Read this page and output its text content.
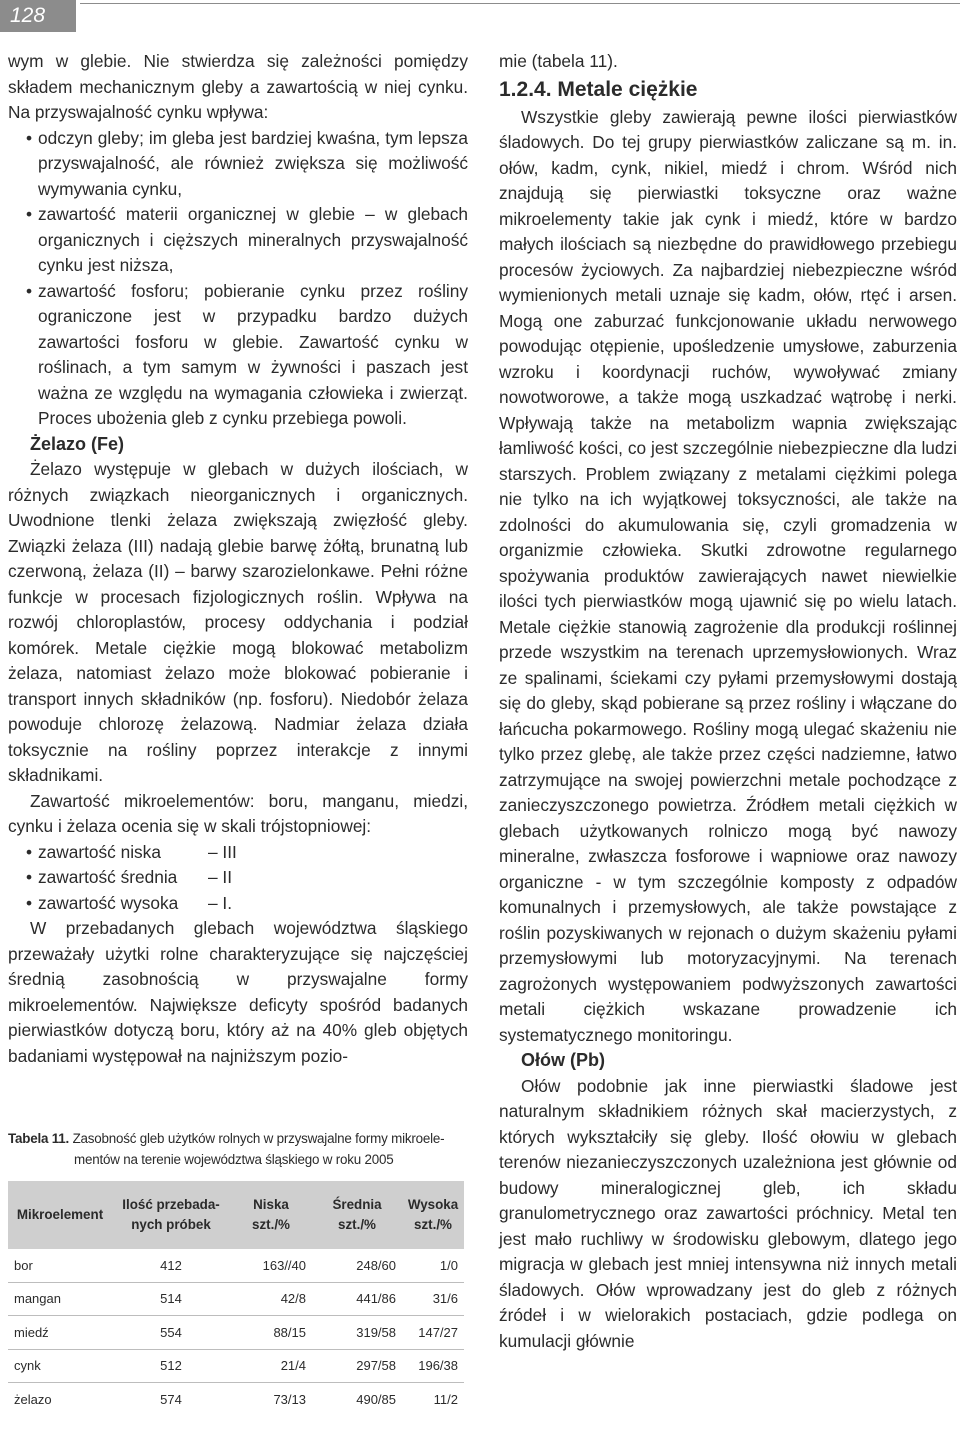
128

wym w glebie. Nie stwierdza się zależności pomiędzy składem mechanicznym gleby a zawartością w niej cynku. Na przyswajalność cynku wpływa:

• odczyn gleby; im gleba jest bardziej kwaśna, tym lepsza przyswajalność, ale również zwiększa się możliwość wymywania cynku,
• zawartość materii organicznej w glebie – w glebach organicznych i cięższych mineralnych przyswajalność cynku jest niższa,
• zawartość fosforu; pobieranie cynku przez rośliny ograniczone jest w przypadku bardzo dużych zawartości fosforu w glebie. Zawartość cynku w roślinach, a tym samym w żywności i paszach jest ważna ze względu na wymagania człowieka i zwierząt. Proces ubożenia gleb z cynku przebiega powoli.

Żelazo (Fe)

Żelazo występuje w glebach w dużych ilościach, w różnych związkach nieorganicznych i organicznych. Uwodnione tlenki żelaza zwiększają zwięzłość gleby. Związki żelaza (III) nadają glebie barwę żółtą, brunatną lub czerwoną, żelaza (II) – barwy szarozielonkawe. Pełni różne funkcje w procesach fizjologicznych roślin. Wpływa na rozwój chloroplastów, procesy oddychania i podział komórek. Metale ciężkie mogą blokować metabolizm żelaza, natomiast żelazo może blokować pobieranie i transport innych składników (np. fosforu). Niedobór żelaza powoduje chlorozę żelazową. Nadmiar żelaza działa toksycznie na rośliny poprzez interakcje z innymi składnikami.

Zawartość mikroelementów: boru, manganu, miedzi, cynku i żelaza ocenia się w skali trójstopniowej:

• zawartość niska	– III
• zawartość średnia – II
• zawartość wysoka – I.

W przebadanych glebach województwa śląskiego przeważały użytki rolne charakteryzujące się najczęściej średnią zasobnością w przyswajalne formy mikroelementów. Największe deficyty spośród badanych pierwiastków dotyczą boru, który aż na 40% gleb objętych badaniami występował na najniższym pozio-

Tabela 11. Zasobność gleb użytków rolnych w przyswajalne formy mikroele-
mentów na terenie województwa śląskiego w roku 2005
Mikroelement	Ilość przebada-nych próbek	Niska szt./%	Średnia szt./%	Wysoka szt./%
bor	412	163//40	248/60	1/0
mangan	514	42/8	441/86	31/6
miedź	554	88/15	319/58	147/27
cynk	512	21/4	297/58	196/38
żelazo	574	73/13	490/85	11/2

mie (tabela 11).

1.2.4. Metale ciężkie

Wszystkie gleby zawierają pewne ilości pierwiastków śladowych. Do tej grupy pierwiastków zaliczane są m. in. ołów, kadm, cynk, nikiel, miedź i chrom. Wśród nich znajdują się pierwiastki toksyczne oraz ważne mikroelementy takie jak cynk i miedź, które w bardzo małych ilościach są niezbędne do prawidłowego przebiegu procesów życiowych. Za najbardziej niebezpieczne wśród wymienionych metali uznaje się kadm, ołów, rtęć i arsen. Mogą one zaburzać funkcjonowanie układu nerwowego powodując otępienie, upośledzenie umysłowe, zaburzenia wzroku i koordynacji ruchów, wywoływać zmiany nowotworowe, a także mogą uszkadzać wątrobę i nerki. Wpływają także na metabolizm wapnia zwiększając łamliwość kości, co jest szczególnie niebezpieczne dla ludzi starszych. Problem związany z metalami ciężkimi polega nie tylko na ich wyjątkowej toksyczności, ale także na zdolności do akumulowania się, czyli gromadzenia w organizmie człowieka. Skutki zdrowotne regularnego spożywania produktów zawierających nawet niewielkie ilości tych pierwiastków mogą ujawnić się po wielu latach. Metale ciężkie stanowią zagrożenie dla produkcji roślinnej przede wszystkim na terenach uprzemysłowionych. Wraz ze spalinami, ściekami czy pyłami przemysłowymi dostają się do gleby, skąd pobierane są przez rośliny i włączane do łańcucha pokarmowego. Rośliny mogą ulegać skażeniu nie tylko przez glebę, ale także przez części nadziemne, łatwo zatrzymujące na swojej powierzchni metale pochodzące z zanieczyszczonego powietrza. Źródłem metali ciężkich w glebach użytkowanych rolniczo mogą być nawozy mineralne, zwłaszcza fosforowe i wapniowe oraz nawozy organiczne - w tym szczególnie komposty z odpadów komunalnych i przemysłowych, ale także powstające z roślin pozyskiwanych w rejonach o dużym skażeniu pyłami przemysłowymi lub motoryzacyjnymi. Na terenach zagrożonych występowaniem podwyższonych zawartości metali ciężkich wskazane prowadzenie ich systematycznego monitoringu.

Ołów (Pb)

Ołów podobnie jak inne pierwiastki śladowe jest naturalnym składnikiem różnych skał macierzystych, z których wykształciły się gleby. Ilość ołowiu w glebach terenów niezanieczyszczonych uzależniona jest głównie od budowy mineralogicznej gleb, ich składu granulometrycznego oraz zawartości próchnicy. Metal ten jest mało ruchliwy w środowisku glebowym, dlatego jego migracja w glebach jest mniej intensywna niż innych metali śladowych. Ołów wprowadzany jest do gleb z różnych źródeł i w wielorakich postaciach, gdzie podlega on kumulacji głównie
